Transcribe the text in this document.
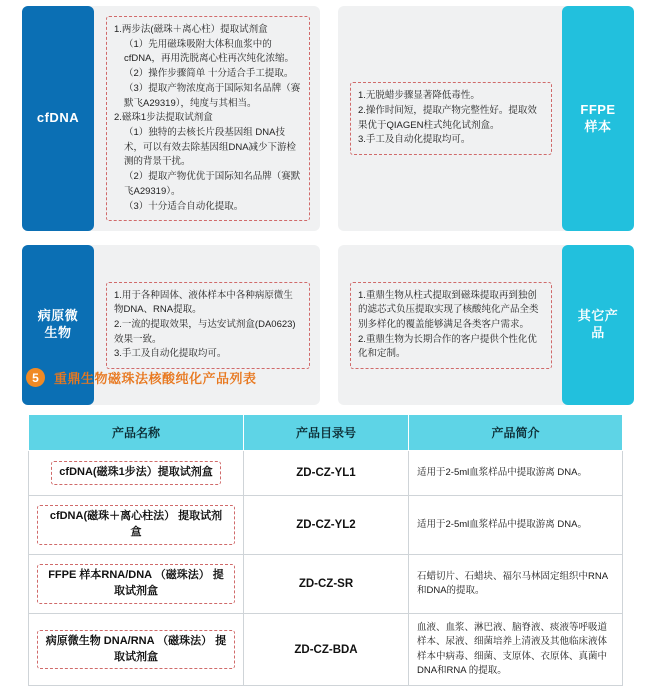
cfDNA

1.两步法(磁珠＋离心柱）提取试剂盒

（1）先用磁珠吸附大体积血浆中的cfDNA，再用洗脱离心柱再次纯化浓缩。

（2）操作步骤简单 十分适合手工提取。

（3）提取产物浓度高于国际知名品牌（赛默飞A29319），纯度与其相当。

2.磁珠1步法提取试剂盒

（1）独特的去核长片段基因组 DNA技术，可以有效去除基因组DNA减少下游检测的背景干扰。

（2）提取产物优优于国际知名品牌（赛默飞A29319）。

（3）十分适合自动化提取。

1.无脱蜡步骤显著降低毒性。

2.操作时间短，提取产物完整性好。提取效果优于QIAGEN柱式纯化试剂盒。

3.手工及自动化提取均可。

FFPE样本
病原微生物

1.用于各种固体、液体样本中各种病原微生物DNA、RNA提取。

2.一流的提取效果，与达安试剂盒(DA0623) 效果一致。

3.手工及自动化提取均可。

1.重鼎生物从柱式提取到磁珠提取再到独创的滤芯式负压提取实现了核酸纯化产品全类别多样化的覆盖能够满足各类客户需求。

2.重鼎生物为长期合作的客户提供个性化优化和定制。

其它产品
5	重鼎生物磁珠法核酸纯化产品列表
产品名称	产品目录号	产品简介
cfDNA(磁珠1步法）提取试剂盒	ZD-CZ-YL1	适用于2-5ml血浆样品中提取游离 DNA。
cfDNA(磁珠＋离心柱法） 提取试剂盒	ZD-CZ-YL2	适用于2-5ml血浆样品中提取游离 DNA。
FFPE 样本RNA/DNA （磁珠法） 提取试剂盒	ZD-CZ-SR	石蜡切片、石蜡块、福尔马林固定组织中RNA和DNA的提取。
病原微生物 DNA/RNA （磁珠法） 提取试剂盒	ZD-CZ-BDA	血液、血浆、淋巴液、脑脊液、痰液等呼吸道样本、尿液、细菌培养上清液及其他临床液体样本中病毒、细菌、支原体、衣原体、真菌中DNA和RNA 的提取。
